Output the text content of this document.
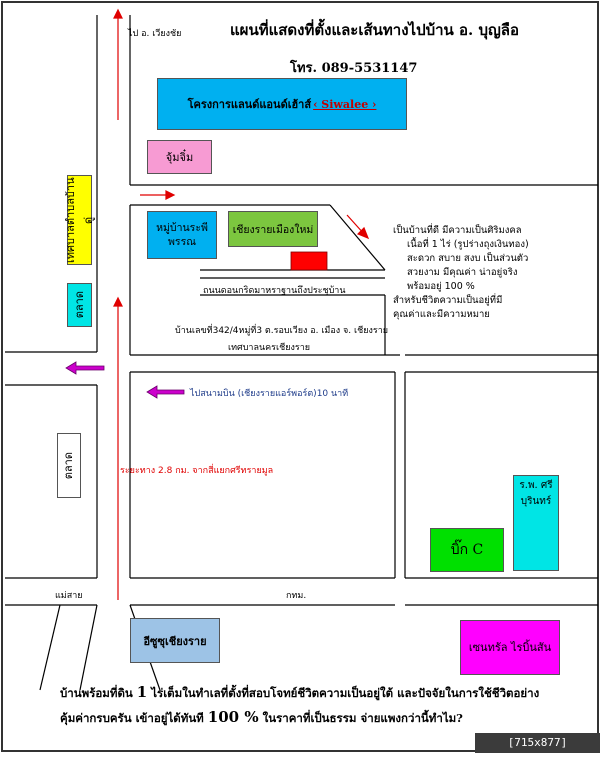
แผนที่แสดงที่ตั้งและเส้นทางไปบ้าน อ. บุญลือ
โทร. 089-5531147
ไป อ. เวียงชัย
โครงการแลนด์แอนด์เฮ้าส์ ‹ Siwalee ›
จุ้มจิ๋ม
หมู่บ้านระพีพรรณ
เชียงรายเมืองใหม่
เทศบาลตำบลบ้านดู่
ตลาด
ตลาด
ถนนดอนกริดมาหราฐานถึงประชุบ้าน
บ้านเลขที่342/4หมู่ที่3 ต.รอบเวียง อ. เมือง จ. เชียงราย
เทศบาลนครเชียงราย
เป็นบ้านที่ดี มีความเป็นศิริมงคล
เนื้อที่ 1 ไร่ (รูปร่างถุงเงินทอง)
สะดวก สบาย สงบ เป็นส่วนตัว
สวยงาม มีคุณค่า น่าอยู่จริง
พร้อมอยู่ 100 %
สำหรับชีวิตความเป็นอยู่ที่มี
คุณค่าและมีความหมาย
ไปสนามบิน (เชียงรายแอร์พอร์ต)10 นาที
ระยะทาง 2.8 กม. จากสี่แยกศรีทรายมูล
ร.พ. ศรี บุรินทร์
บิ๊ก C
แม่สาย	กทม.
อีซูซุเชียงราย	เซนทรัล ไรบิ้นสัน
บ้านพร้อมที่ดิน 1 ไร่เต็มในทำเลที่ตั้งที่สอบโจทย์ชีวิตความเป็นอยู่ใต้ และปัจจัยในการใช้ชีวิตอย่าง
คุ้มค่ากรบครัน เข้าอยู่ได้ทันที 100 % ในราคาที่เป็นธรรม จ่ายแพงกว่านี้ทำไม?
[715x877] http://upic.me/
